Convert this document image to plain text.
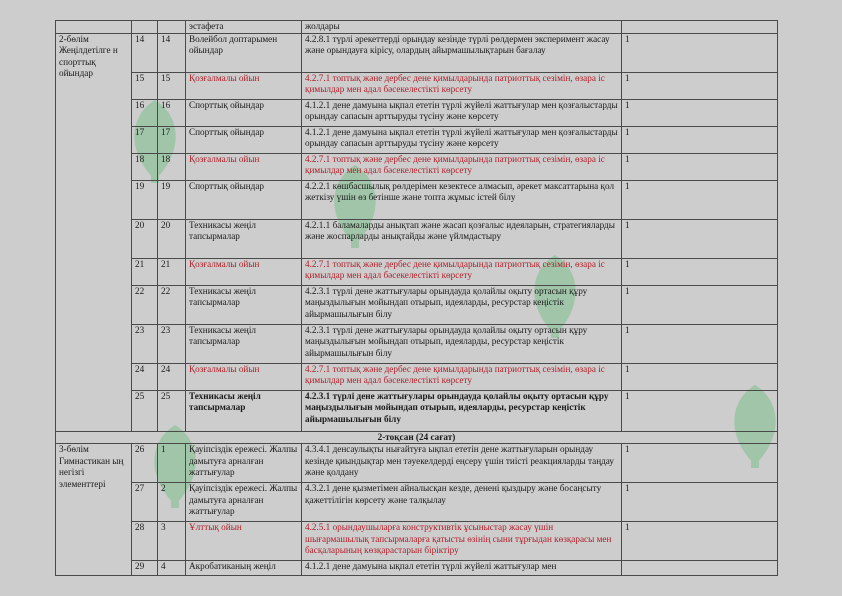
			эстафета	жолдары	
2-бөлім Жеңілдетілге н спорттық ойындар	14	14	Волейбол доптарымен ойындар	4.2.8.1 түрлі әрекеттерді орындау кезінде түрлі рөлдермен эксперимент жасау және орындауға кірісу, олардың айырмашылықтарын бағалау	1
	15	15	Қозғалмалы ойын	4.2.7.1 топтық және дербес дене қимылдарында патриоттық сезімін, өзара іс қимылдар мен адал бәсекелестікті көрсету	1
	16	16	Спорттық ойындар	4.1.2.1 дене дамуына ықпал ететін түрлі жүйелі жаттығулар мен қозғалыстарды орындау сапасын арттыруды түсіну және көрсету	1
	17	17	Спорттық ойындар	4.1.2.1 дене дамуына ықпал ететін түрлі жүйелі жаттығулар мен қозғалыстарды орындау сапасын арттыруды түсіну және көрсету	1
	18	18	Қозғалмалы ойын	4.2.7.1 топтық және дербес дене қимылдарында патриоттық сезімін, өзара іс қимылдар мен адал бәсекелестікті көрсету	1
	19	19	Спорттық ойындар	4.2.2.1 көшбасшылық рөлдерімен кезектесе алмасып, әрекет максаттарына қол жеткізу үшін өз бетінше және топта жұмыс істей білу	1
	20	20	Техникасы жеңіл тапсырмалар	4.2.1.1 баламаларды анықтап және жасап қозғалыс идеяларын, стратегияларды және жоспарларды анықтайды және үйлмдастыру	1
	21	21	Қозғалмалы ойын	4.2.7.1 топтық және дербес дене қимылдарында патриоттық сезімін, өзара іс қимылдар мен адал бәсекелестікті көрсету	1
	22	22	Техникасы жеңіл тапсырмалар	4.2.3.1 түрлі дене жаттығулары орындауда қолайлы оқыту ортасын құру маңыздылығын мойындап отырып, идеяларды, ресурстар кеңістік айырмашылығын білу	1
	23	23	Техникасы жеңіл тапсырмалар	4.2.3.1 түрлі дене жаттығулары орындауда қолайлы оқыту ортасын құру маңыздылығын мойындап отырып, идеяларды, ресурстар кеңістік айырмашылығын білу	1
	24	24	Қозғалмалы ойын	4.2.7.1 топтық және дербес дене қимылдарында патриоттық сезімін, өзара іс қимылдар мен адал бәсекелестікті көрсету	1
	25	25	Техникасы жеңіл тапсырмалар	4.2.3.1 түрлі дене жаттығулары орындауда қолайлы оқыту ортасын құру маңыздылығын мойындап отырып, идеяларды, ресурстар кеңістік айырмашылығын білу	1
2-тоқсан (24 сағат)					
3-бөлім Гимнастикан ың негізгі элементтері	26	1	Қауіпсіздік ережесі. Жалпы дамытуға арналған жаттығулар	4.3.4.1 денсаулықты нығайтуға ықпал ететін дене жаттығуларын орындау кезінде қиындықтар мен тәуекелдерді еңсеру үшін тиісті реакцияларды таңдау және қолдану	1
	27	2	Қауіпсіздік ережесі. Жалпы дамытуға арналған жаттығулар	4.3.2.1 дене қызметімен айналысқан кезде, денені қыздыру және босаңсыту қажеттілігін көрсету және талқылау	1
	28	3	Ұлттық ойын	4.2.5.1 орындаушыларға конструктивтік ұсыныстар жасау үшін шығармашылық тапсырмаларға қатысты өзінің сыни тұрғыдан көзқарасы мен басқаларының көзқарастарын біріктіру	1
	29	4	Акробатиканың жеңіл	4.1.2.1 дене дамуына ықпал ететін түрлі жүйелі жаттығулар мен	
